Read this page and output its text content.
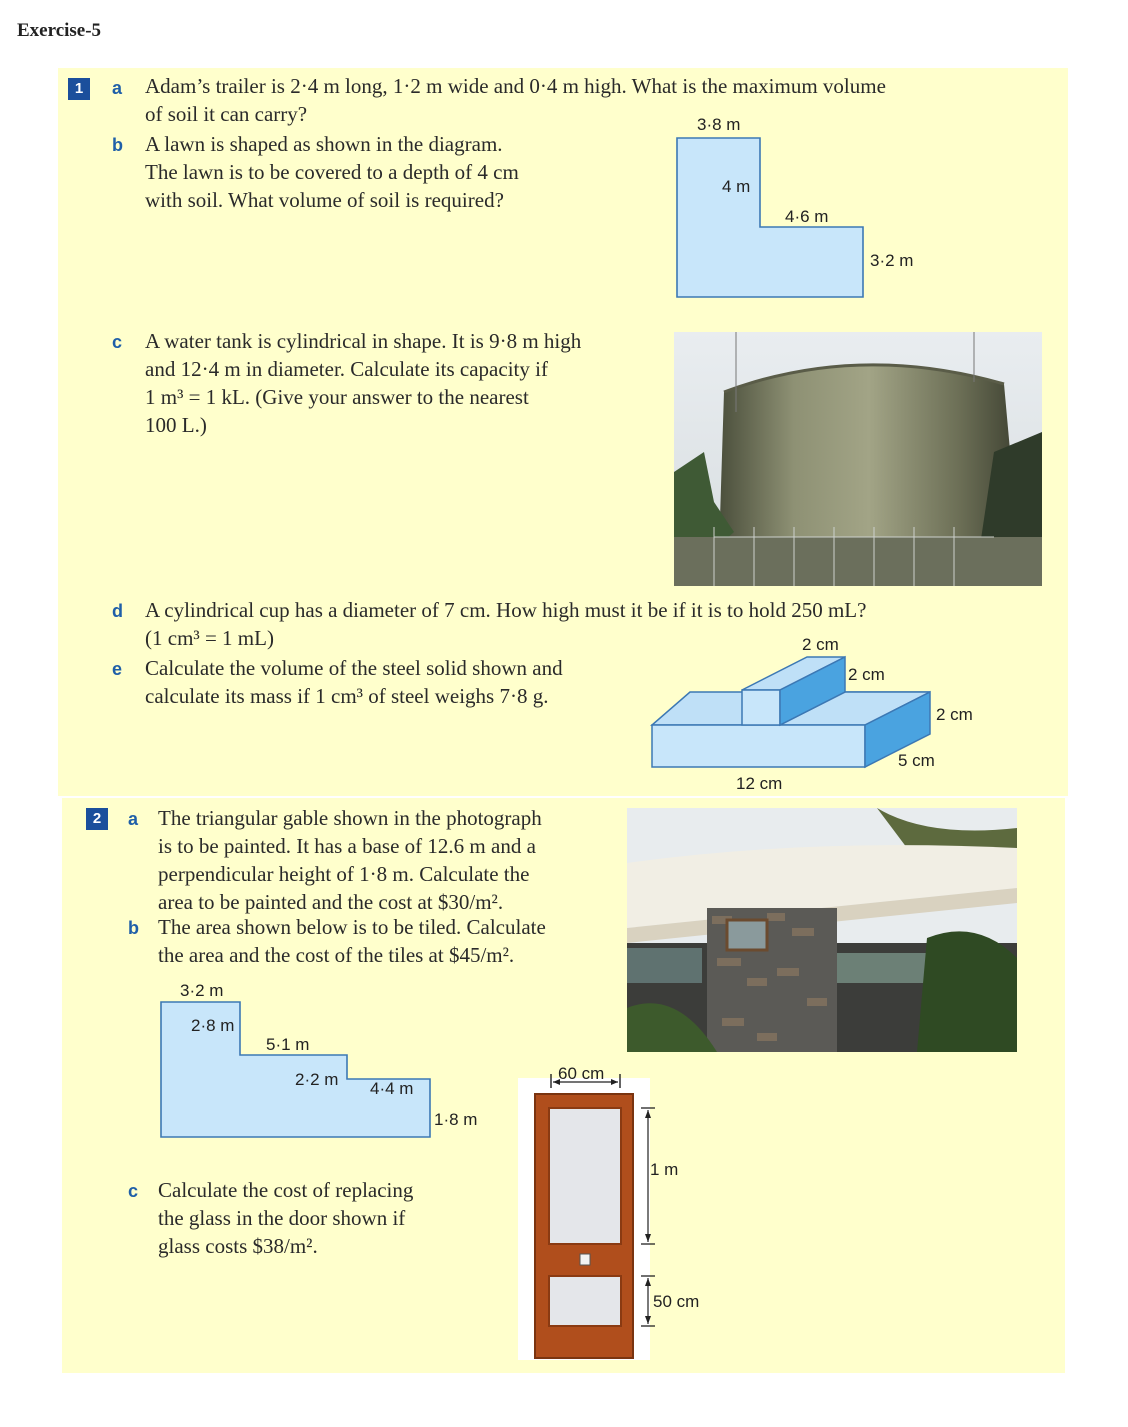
Exercise-5
1	a Adam’s trailer is 2·4 m long, 1·2 m wide and 0·4 m high. What is the maximum volume
of soil it can carry?
b A lawn is shaped as shown in the diagram.
The lawn is to be covered to a depth of 4 cm
with soil. What volume of soil is required?
3·8 m
4 m
4·6 m
3·2 m
c A water tank is cylindrical in shape. It is 9·8 m high
and 12·4 m in diameter. Calculate its capacity if
1 m³ = 1 kL. (Give your answer to the nearest
100 L.)
d A cylindrical cup has a diameter of 7 cm. How high must it be if it is to hold 250 mL?
(1 cm³ = 1 mL)
e Calculate the volume of the steel solid shown and
calculate its mass if 1 cm³ of steel weighs 7·8 g.
2 cm
2 cm
2 cm
5 cm
12 cm
2	a The triangular gable shown in the photograph
is to be painted. It has a base of 12.6 m and a
perpendicular height of 1·8 m. Calculate the
area to be painted and the cost at $30/m².
b The area shown below is to be tiled. Calculate
the area and the cost of the tiles at $45/m².
3·2 m
2·8 m
5·1 m
2·2 m 4·4 m
1·8 m
c Calculate the cost of replacing
the glass in the door shown if
glass costs $38/m².
60 cm
1 m
50 cm
